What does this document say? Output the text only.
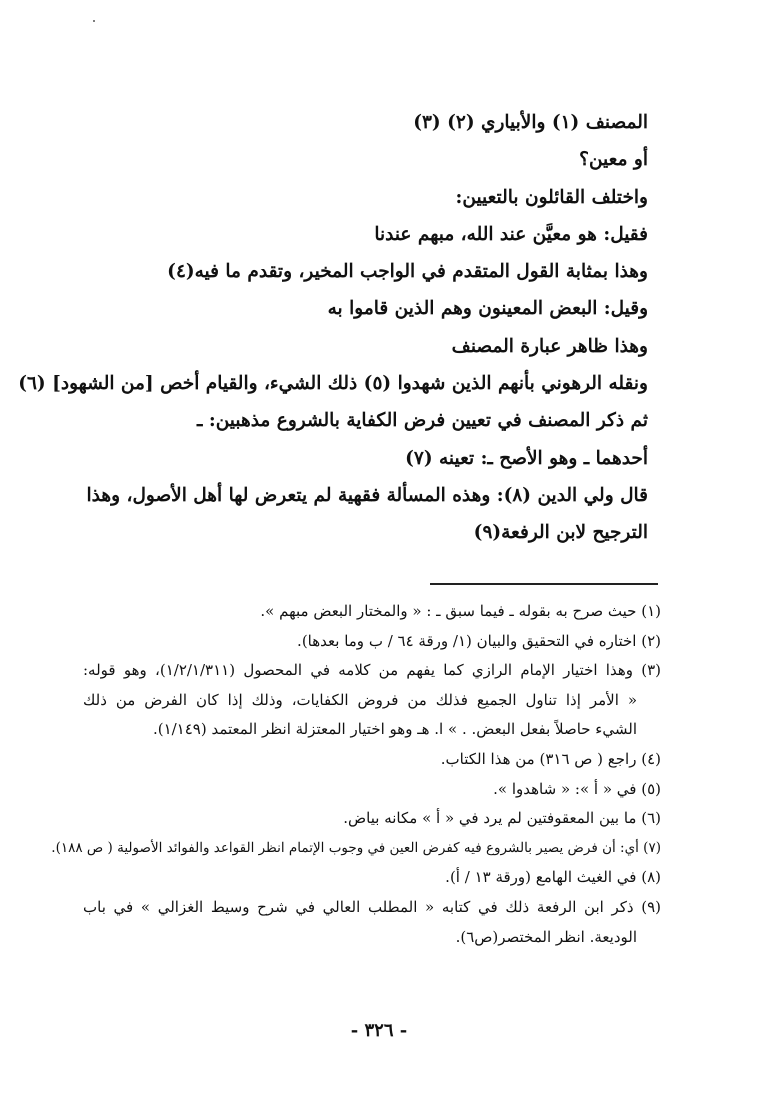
المصنف (١) والأبياري (٢) (٣)
أو معين؟
واختلف القائلون بالتعيين:
فقيل: هو معيَّن عند الله، مبهم عندنا
وهذا بمثابة القول المتقدم في الواجب المخير، وتقدم ما فيه(٤)
وقيل: البعض المعينون وهم الذين قاموا به
وهذا ظاهر عبارة المصنف
ونقله الرهوني بأنهم الذين شهدوا (٥) ذلك الشيء، والقيام أخص [من الشهود] (٦)
ثم ذكر المصنف في تعيين فرض الكفاية بالشروع مذهبين: ـ
أحدهما ـ وهو الأصح ـ: تعينه (٧)
قال ولي الدين (٨): وهذه المسألة فقهية لم يتعرض لها أهل الأصول، وهذا
الترجيح لابن الرفعة(٩)
(١) حيث صرح به بقوله ـ فيما سبق ـ : « والمختار البعض مبهم ».
(٢) اختاره في التحقيق والبيان (١/ ورقة ٦٤ / ب وما بعدها).
(٣) وهذا اختيار الإمام الرازي كما يفهم من كلامه في المحصول (١/٢/١/٣١١)، وهو قوله:
« الأمر إذا تناول الجميع فذلك من فروض الكفايات، وذلك إذا كان الفرض من ذلك
الشيء حاصلاً بفعل البعض. . » ا. هـ وهو اختيار المعتزلة انظر المعتمد (١/١٤٩).
(٤) راجع ( ص ٣١٦) من هذا الكتاب.
(٥) في « أ »: « شاهدوا ».
(٦) ما بين المعقوفتين لم يرد في « أ » مكانه بياض.
(٧) أي: أن فرض يصير بالشروع فيه كفرض العين في وجوب الإتمام انظر القواعد والفوائد الأصولية ( ص ١٨٨).
(٨) في الغيث الهامع (ورقة ١٣ / أ).
(٩) ذكر ابن الرفعة ذلك في كتابه « المطلب العالي في شرح وسيط الغزالي » في باب
الوديعة. انظر المختصر(ص٦).
- ٣٢٦ -
